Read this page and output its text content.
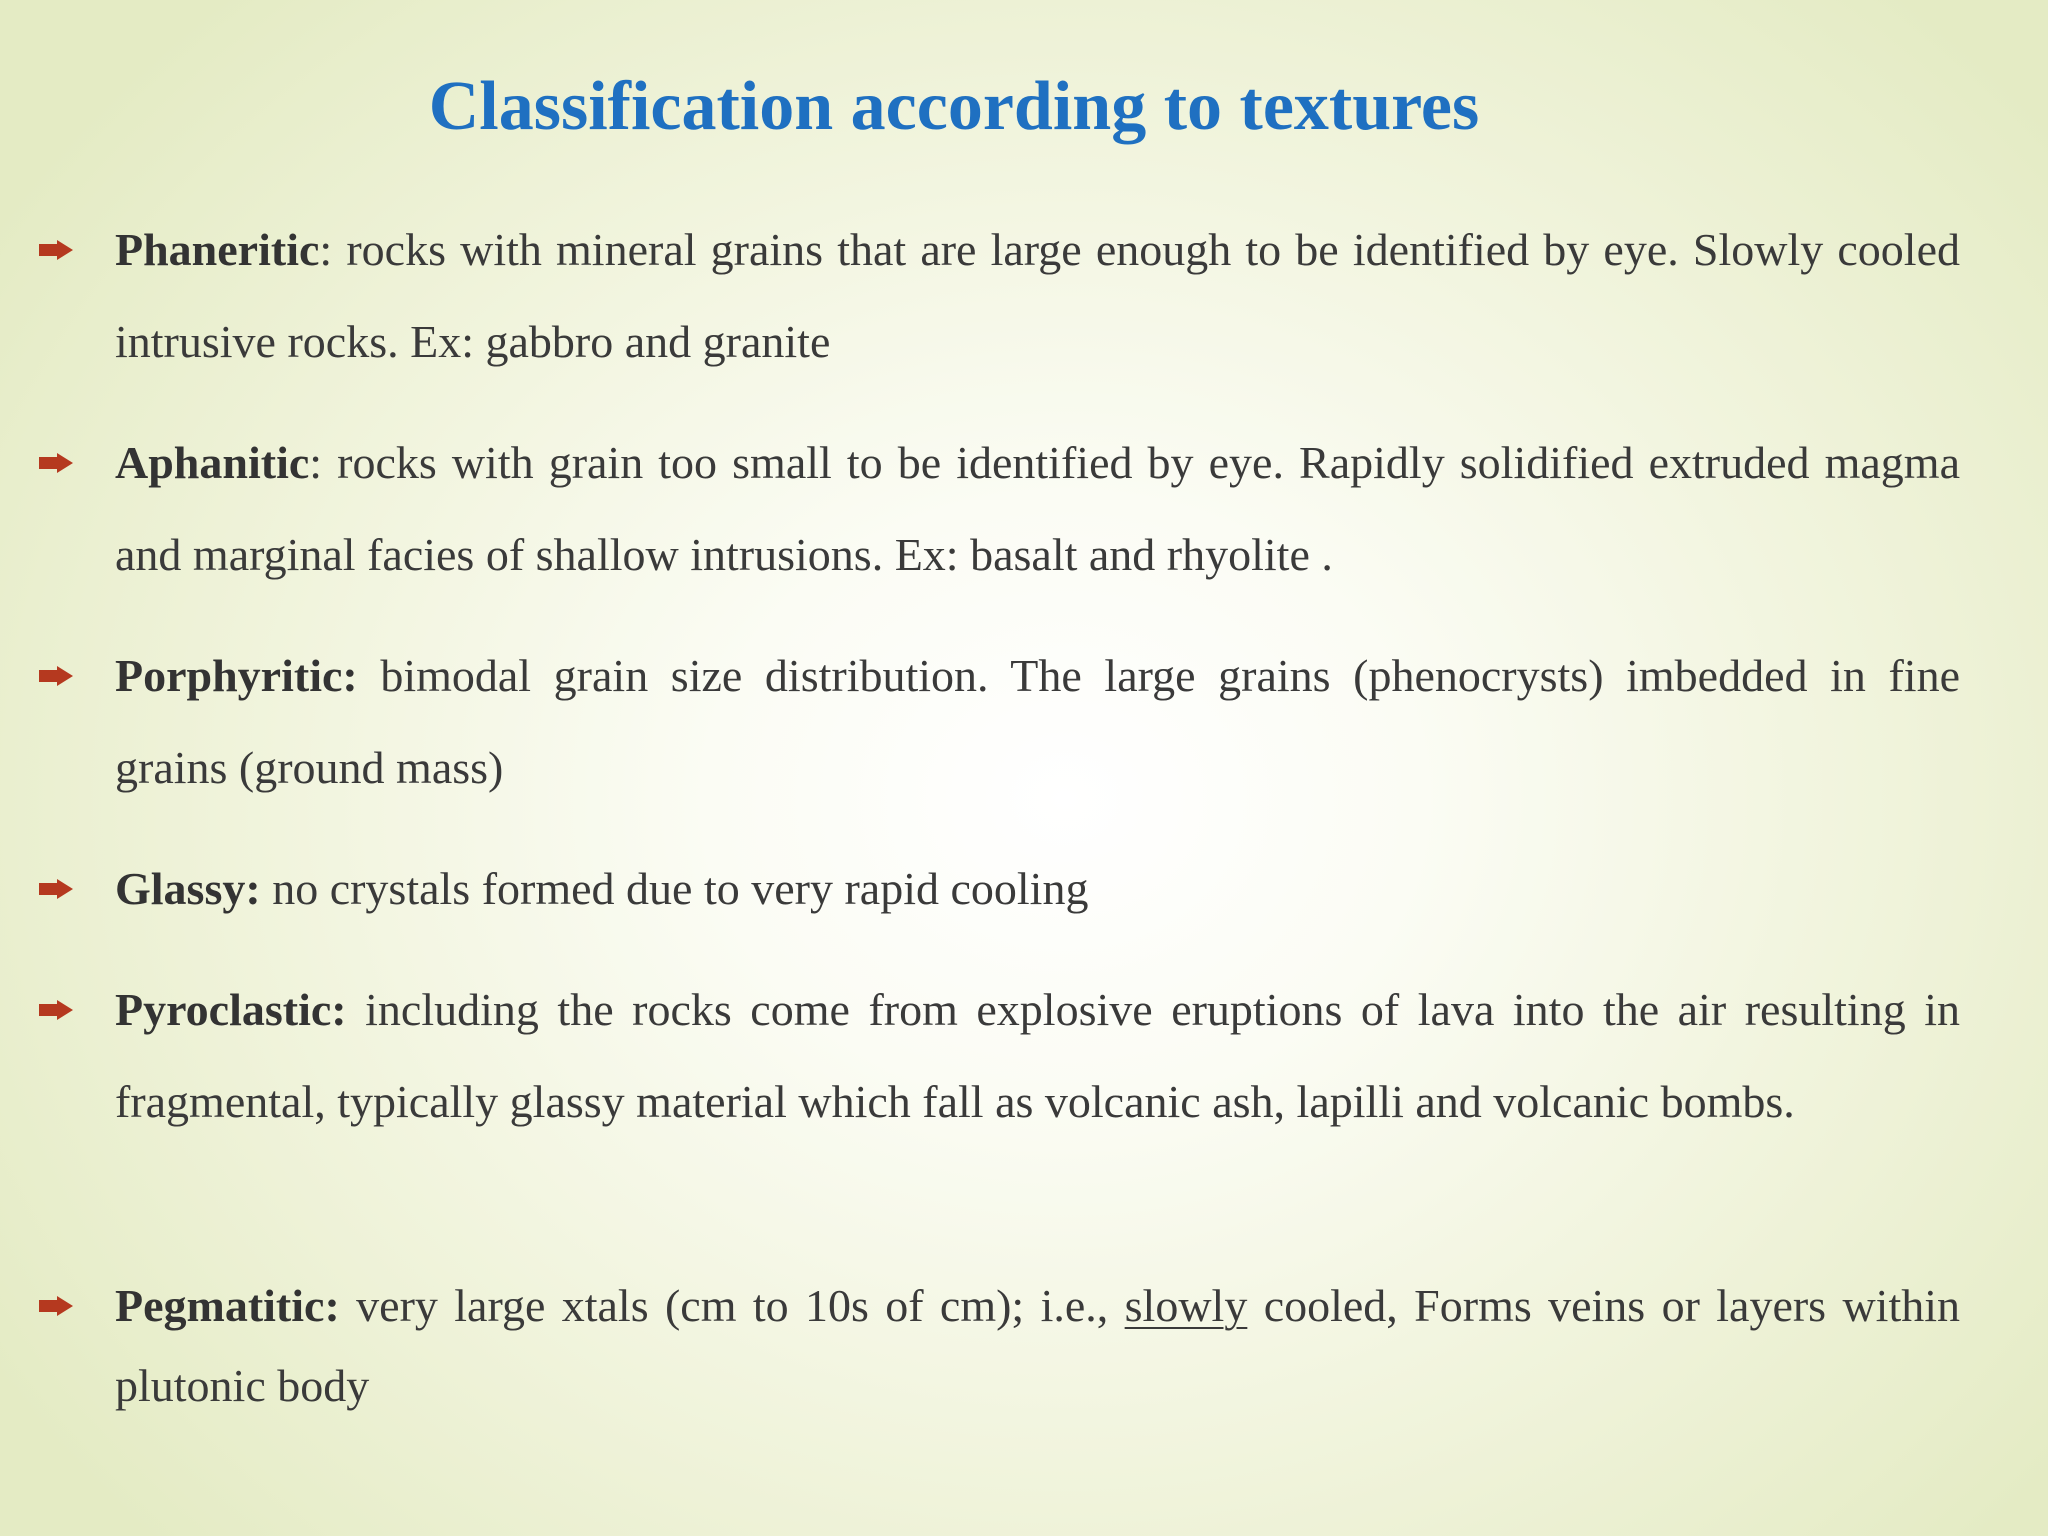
Classification according to textures
Phaneritic: rocks with mineral grains that are large enough to be identified by eye. Slowly cooled intrusive rocks. Ex: gabbro and granite
Aphanitic: rocks with grain too small to be identified by eye. Rapidly solidified extruded magma and marginal facies of shallow intrusions. Ex: basalt and rhyolite .
Porphyritic: bimodal grain size distribution. The large grains (phenocrysts) imbedded in fine grains (ground mass)
Glassy: no crystals formed due to very rapid cooling
Pyroclastic: including the rocks come from explosive eruptions of lava into the air resulting in fragmental, typically glassy material which fall as volcanic ash, lapilli and volcanic bombs.
Pegmatitic: very large xtals (cm to 10s of cm); i.e., slowly cooled, Forms veins or layers within plutonic body
